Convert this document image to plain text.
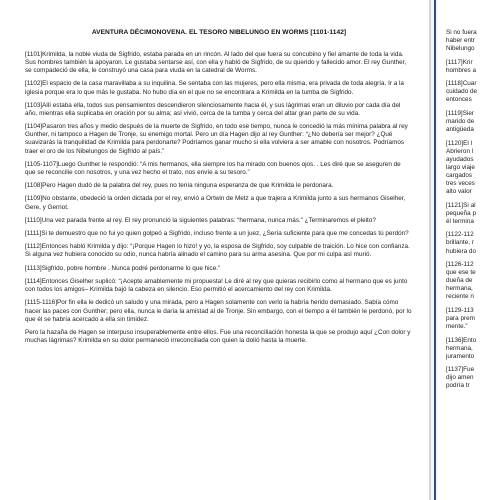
AVENTURA DÉCIMONOVENA. EL TESORO NIBELUNGO EN WORMS [1101-1142]

[1101]Krimilda, la noble viuda de Sigfrido, estaba parada en un rincón. Al lado del que fuera su concubino y fiel amante de toda la vida. Sus hombres también la apoyaron. Le gustaba sentarse así, con ella y habló de Sigfrido, de su querido y fallecido amor. El rey Gunther, se compadeció de ella, le construyó una casa para viuda en la catedral de Worms.

[1102]El espacio de la casa maravillaba a su inquilina. Se sentaba con las mujeres, pero ella misma, era privada de toda alegría. Ir a la iglesia porque era lo que más le gustaba. No hubo día en el que no se encontrara a Krimilda en la tumba de Sigfrido.

[1103]Allí estaba ella, todos sus pensamientos descendieron silenciosamente hacia él, y sus lágrimas eran un diluvio por cada día del año, mientras ella suplicaba en oración por su alma; así vivió, cerca de la tumba y cerca del altar gran parte de su vida.

[1104]Pasaron tres años y medio después de la muerte de Sigfrido, en todo ese tiempo, nunca le concedió la más mínima palabra al rey Gunther, ni tampoco a Hagen de Tronje, su enemigo mortal. Pero un día Hagen dijo al rey Gunther: “¿No debería ser mejor? ¿Qué suavizarás la tranquilidad de Krimilda para perdonarte? Podríamos ganar mucho si ella volviera a ser amable con nosotros. Podríamos traer el oro de los Nibelungos de Sigfrido al país.”

[1105-1107]Luego Gunther le respondió: “A mis hermanos, ella siempre los ha mirado con buenos ojos. . Les diré que se aseguren de que se reconcilie con nosotros, y una vez hecho el trato, nos envíe a su tesoro.”

[1108]Pero Hagen dudó de la palabra del rey, pues no tenía ninguna esperanza de que Krimilda le perdonara.

[1109]No obstante, obedeció la orden dictada por el rey, envió a Ortwin de Metz a que trajera a Krimilda junto a sus hermanos Giselher, Gere, y Gernot.

[1110]Una vez parada frente al rey. El rey pronunció la siguientes palabras: “hermana, nunca más.” ¿Terminaremos el pleito?

[1111]Si te demuestro que no fui yo quien golpeó a Sigfrido, incluso frente a un juez, ¿Sería suficiente para que me concedas tú perdón?

[1112]Entonces habló Krimilda y dijo: “¡Porque Hagen lo hizo! y yo, la esposa de Sigfrido, soy culpable de traición. Lo hice con confianza. Si alguna vez hubiera conocido su odio, nunca habría alinado el camino para su arma asesina. Que por mi culpa así murió.

[1113]Sigfrido, pobre hombre . Nunca podré perdonarme lo que hice.”

[1114]Entonces Giselher suplicó: “¡Acepte amablemente mi propuesta! Le diré al rey que quieras recibirlo como al hermano que es junto con todos los amigos– Krimilda bajó la cabeza en silencio. Eso permitió el acercamiento del rey con Krimilda.

[1115-1116]Por fin ella le dedicó un saludo y una mirada, pero a Hagen solamente con verlo la habría herido demasiado. Sabía cómo hacer las paces con Gunther; pero ella, nunca le daría la amistad al de Tronje. Sin embargo, con el tiempo a él también le perdonó, por lo que él se habría acercado a ella sin timidez.

Pero la hazaña de Hagen se interpuso insuperablemente entre ellos. Fue una reconciliación honesta la que se produjo aquí ¿Con dolor y muchas lágrimas? Krimilda en su dolor permaneció irreconciliada con quien la dolió hasta la muerte.

Si no fuera
haber entr
Nibelungo
[1117]Krir
hombres a
[1118]Cuar
cuidado de
entonces
[1119]Sier
marido de
antigüeda
[1120]El l
Abrieron l
ayudados
largo viaje
cargados
tres veces
alto valor
[1121]Si al
pequeña p
él termina
[1122-112
brillante, r
hubiera do
[1126-112
que ese te
dueña de
hermana,
reciente n
[1129-113
para prem
mente.”
[1136]Ento
hermana,
juramento
[1137]Fue
dijo amen
podría tr
